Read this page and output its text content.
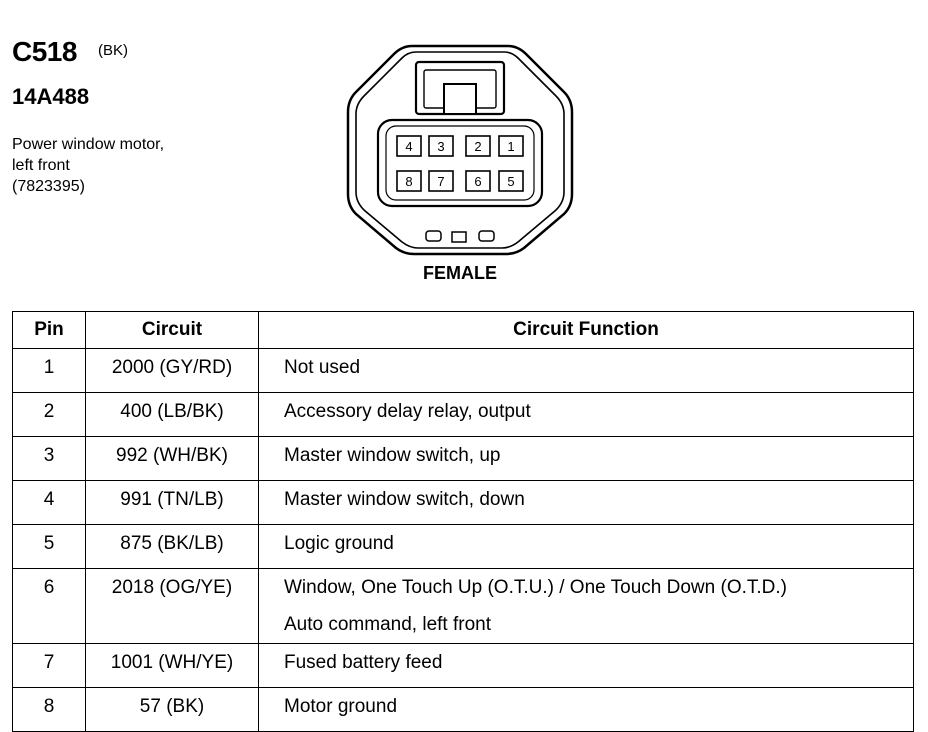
C518 (BK)
14A488
Power window motor,
left front
(7823395)
4 3 2 1
8 7 6 5
FEMALE
Pin	Circuit	Circuit Function
1	2000 (GY/RD)	Not used

2	400 (LB/BK)	Accessory delay relay, output

3	992 (WH/BK)	Master window switch, up

4	991 (TN/LB)	Master window switch, down

5	875 (BK/LB)	Logic ground

6	2018 (OG/YE)	Window, One Touch Up (O.T.U.) / One Touch Down (O.T.D.)
Auto command, left front

7	1001 (WH/YE)	Fused battery feed

8	57 (BK)	Motor ground
